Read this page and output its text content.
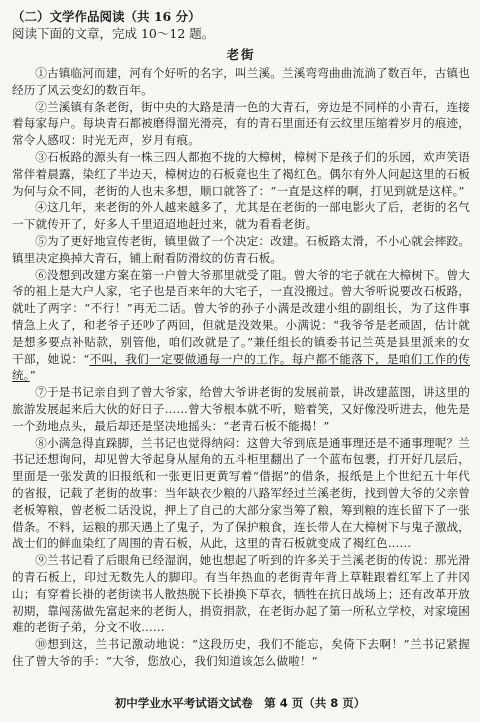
（二）文学作品阅读（共 16 分）

阅读下面的文章，完成 10～12 题。

老街

①古镇临河而建，河有个好听的名字，叫兰溪。兰溪弯弯曲曲流淌了数百年，古镇也经历了风云变幻的数百年。

②兰溪镇有条老街，街中央的大路是清一色的大青石，旁边是不同样的小青石，连接着每家每户。每块青石都被磨得溜光滑亮，有的青石里面还有云纹里压缩着岁月的痕迹，常令人感叹：时光无声，岁月有痕。

③石板路的源头有一株三四人都抱不拢的大樟树，樟树下是孩子们的乐园，欢声笑语常伴着晨露，染红了半边天，樟树边的石板竟也生了褐红色。偶尔有外人问起这里的石板为何与众不同，老街的人也未多想，顺口就答了：“一直是这样的啊，打见到就是这样。”

④这几年，来老街的外人越来越多了，尤其是在老街的一部电影火了后，老街的名气一下就传开了，好多人千里迢迢地赶过来，就为看看老街。

⑤为了更好地宣传老街，镇里做了一个决定：改建。石板路太滑，不小心就会摔跤。镇里决定换掉大青石，铺上耐看防滑纹的仿青石板。

⑥没想到改建方案在第一户曾大爷那里就受了阻。曾大爷的宅子就在大樟树下。曾大爷的祖上是大户人家，宅子也是百来年的大宅子，一直没搬过。曾大爷听说要改石板路，就吐了两字：“不行！”再无二话。曾大爷的孙子小满是改建小组的副组长，为了这件事情急上火了，和老爷子还吵了两回，但就是没效果。小满说：“我爷爷是老顽固，估计就是想多要点补贴款，别管他，咱们改就是了。”兼任组长的镇委书记兰英是县里派来的女干部，她说：“不叫，我们一定要做通每一户的工作。每户都不能落下，是咱们工作的传统。”

⑦于是书记亲自到了曾大爷家，给曾大爷讲老街的发展前景，讲改建蓝图，讲这里的旅游发展起来后大伙的好日子……曾大爷根本就不听，赔着笑，又好像没听进去，他先是一个劲地点头，最后却还是坚决地摇头：“老青石板不能揭！”

⑧小满急得直跺脚，兰书记也觉得纳闷：这曾大爷到底是通事理还是不通事理呢？兰书记还想询问，却见曾大爷起身从屋角的五斗柜里翻出了一个蓝布包裹，打开好几层后，里面是一张发黄的旧报纸和一张更旧更黄写着“借据”的借条，报纸是上个世纪五十年代的省报，记载了老街的故事：当年缺衣少粮的八路军经过兰溪老街，找到曾大爷的父亲曾老板筹粮，曾老板二话没说，押上了自己的大部分家当筹了粮，筹到粮的连长留下了一张借条。不料，运粮的那天遇上了鬼子，为了保护粮食，连长带人在大樟树下与鬼子激战，战士们的鲜血染红了周围的青石板，从此，这里的青石板就变成了褐红色……

⑨兰书记看了后眼角已经湿润，她也想起了听到的许多关于兰溪老街的传说：那光滑的青石板上，印过无数先人的脚印。有当年热血的老街青年背上草鞋跟着红军上了井冈山；有穿着长褂的老街读书人散热脱下长褂换下草衣，牺牲在抗日战场上；还有改革开放初期，靠闯荡做先富起来的老街人，捐资捐款，在老街办起了第一所私立学校，对家境困难的老街子弟，分文不收……

⑩想到这，兰书记激动地说：“这段历史，我们不能忘，矣倚下去啊！”兰书记紧握住了曾大爷的手：“大爷，您放心，我们知道该怎么做啦！”

初中学业水平考试语文试卷　第 4 页（共 8 页）
